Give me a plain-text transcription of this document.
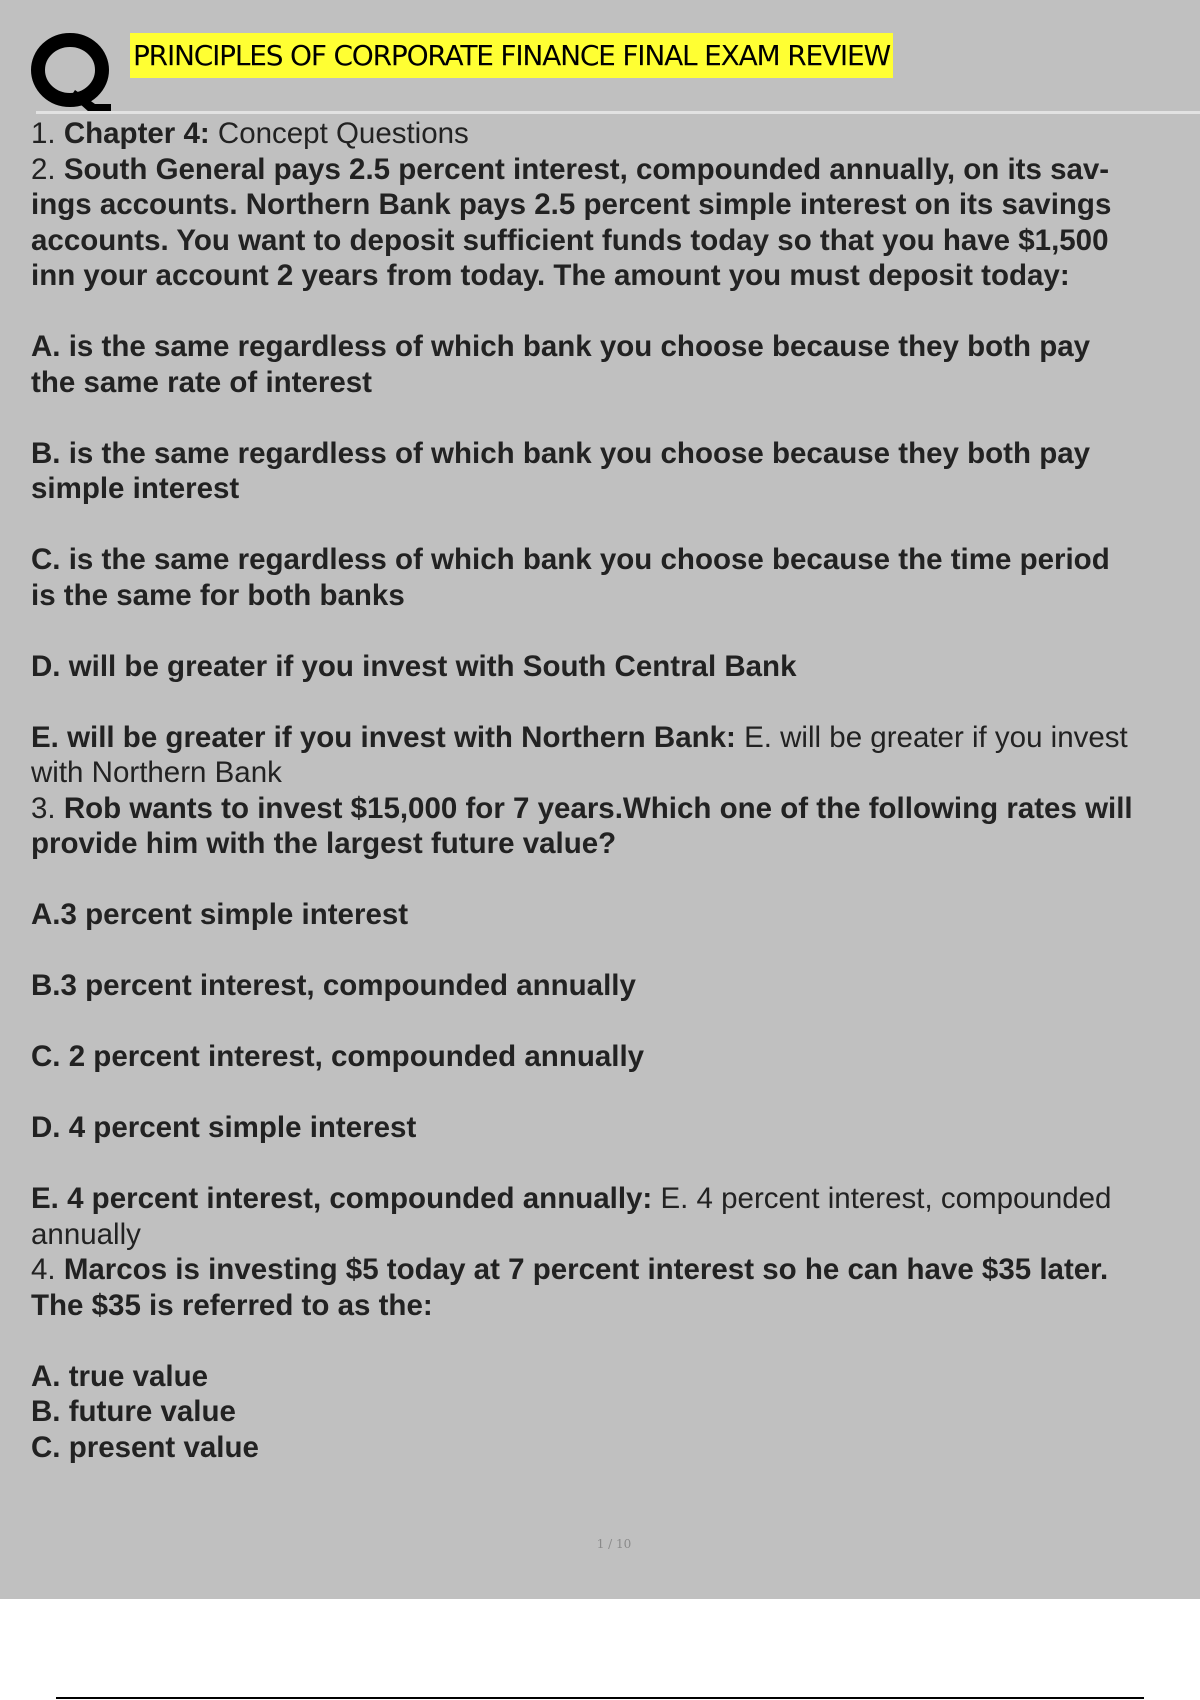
PRINCIPLES OF CORPORATE FINANCE FINAL EXAM REVIEW
1. Chapter 4: Concept Questions
2. South General pays 2.5 percent interest, compounded annually, on its sav-
ings accounts. Northern Bank pays 2.5 percent simple interest on its savings
accounts. You want to deposit sufficient funds today so that you have $1,500
inn your account 2 years from today. The amount you must deposit today:
A. is the same regardless of which bank you choose because they both pay
the same rate of interest
B. is the same regardless of which bank you choose because they both pay
simple interest
C. is the same regardless of which bank you choose because the time period
is the same for both banks
D. will be greater if you invest with South Central Bank
E. will be greater if you invest with Northern Bank: E. will be greater if you invest
with Northern Bank
3. Rob wants to invest $15,000 for 7 years.Which one of the following rates will
provide him with the largest future value?
A.3 percent simple interest
B.3 percent interest, compounded annually
C. 2 percent interest, compounded annually
D. 4 percent simple interest
E. 4 percent interest, compounded annually: E. 4 percent interest, compounded
annually
4. Marcos is investing $5 today at 7 percent interest so he can have $35 later.
The $35 is referred to as the:
A. true value
B. future value
C. present value
1 / 10
